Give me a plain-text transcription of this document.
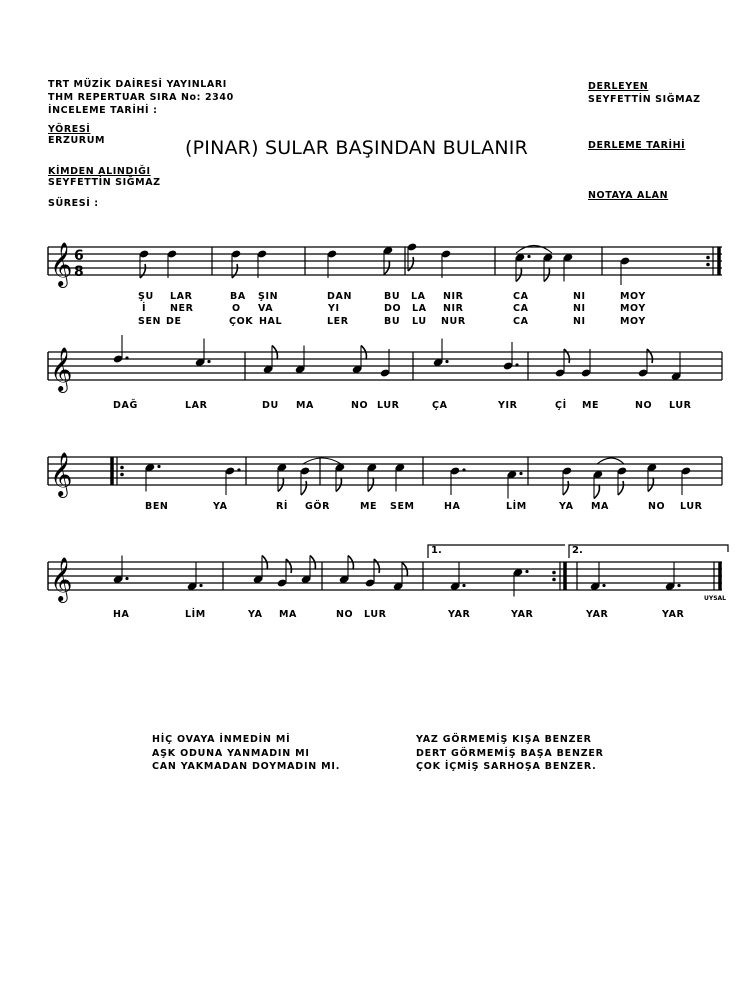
TRT MÜZİK DAİRESİ YAYINLARI
THM REPERTUAR SIRA No: 2340
İNCELEME TARİHİ :
YÖRESİ
ERZURUM
KİMDEN ALINDIĞI
SEYFETTİN SIĞMAZ
SÜRESİ :
DERLEYEN
SEYFETTİN SIĞMAZ
DERLEME TARİHİ
NOTAYA ALAN
(PINAR) SULAR BAŞINDAN BULANIR
𝄞
𝄞
𝄞
𝄞
ŞU LAR	BA ŞIN	DAN	BU LA NIR	CA	NI	MOY
İ	NER	O VA	YI	DO LA NIR	CA	NI	MOY
SEN DE	ÇOK HAL	LER	BU LU NUR	CA	NI	MOY
DAĞ	LAR	DU MA	NO LUR	ÇA	YIR	Çİ ME	NO LUR
BEN	YA	Rİ GÖR	ME SEM	HA	LİM	YA MA	NO LUR
HA	LİM	YA MA	NO LUR	YAR	YAR	YAR	YAR
6
8
1.	2.
UYSAL
HİÇ OVAYA İNMEDİN Mİ
AŞK ODUNA YANMADIN MI
CAN YAKMADAN DOYMADIN MI.
YAZ GÖRMEMİŞ KIŞA BENZER
DERT GÖRMEMİŞ BAŞA BENZER
ÇOK İÇMİŞ SARHOŞA BENZER.
